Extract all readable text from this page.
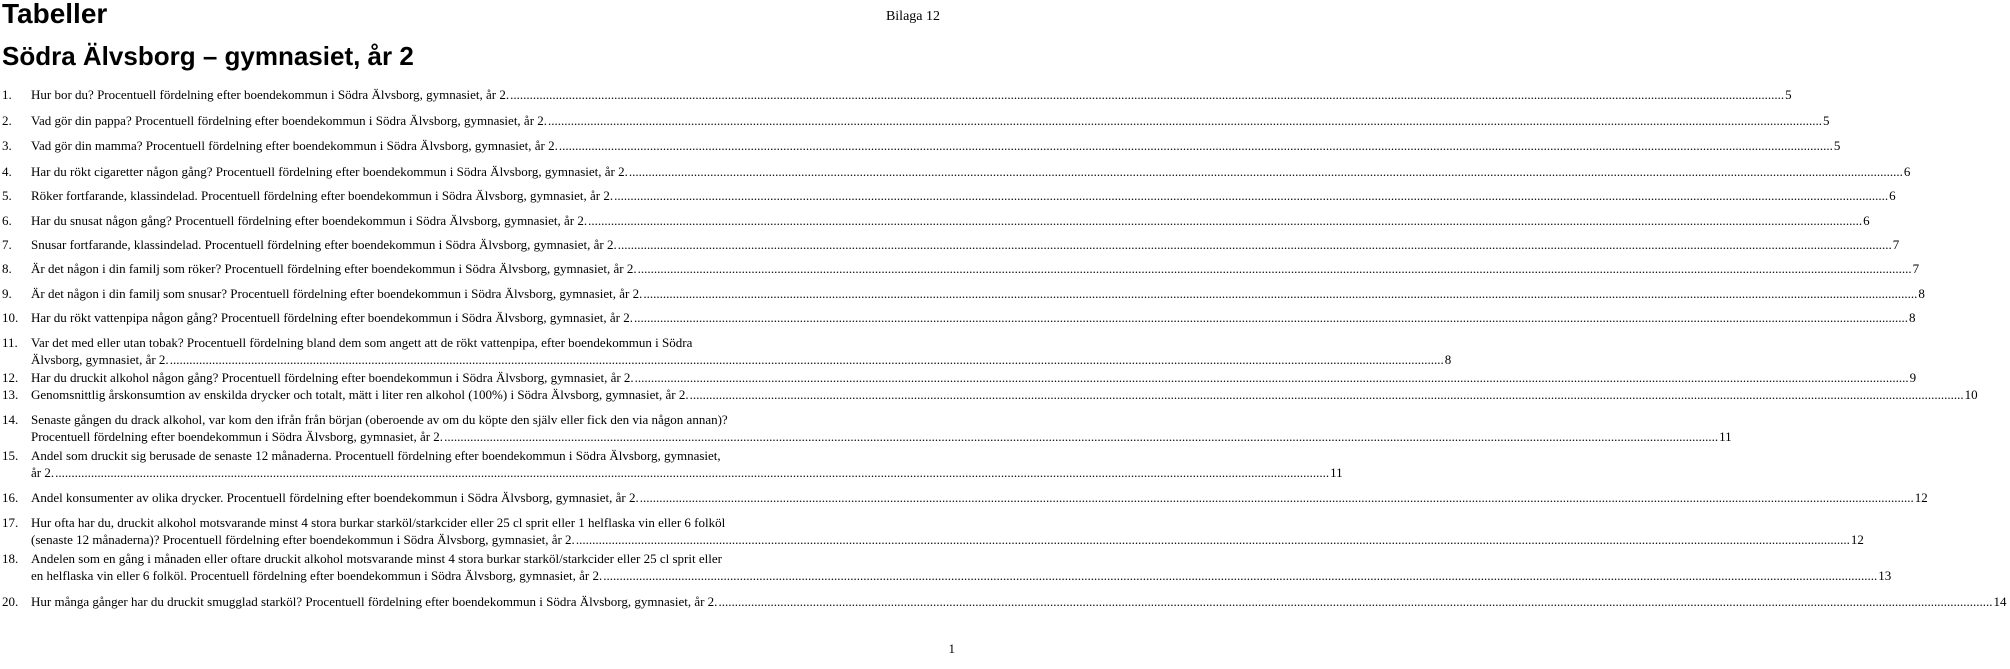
Tabeller	Bilaga 12
Södra Älvsborg – gymnasiet, år 2
1.	Hur bor du? Procentuell fördelning efter boendekommun i Södra Älvsborg, gymnasiet, år 2. .....	5
2.	Vad gör din pappa? Procentuell fördelning efter boendekommun i Södra Älvsborg, gymnasiet, år 2. .....	5
3.	Vad gör din mamma? Procentuell fördelning efter boendekommun i Södra Älvsborg, gymnasiet, år 2. .....	5
4.	Har du rökt cigaretter någon gång? Procentuell fördelning efter boendekommun i Södra Älvsborg, gymnasiet, år 2. .....	6
5.	Röker fortfarande, klassindelad. Procentuell fördelning efter boendekommun i Södra Älvsborg, gymnasiet, år 2. .....	6
6.	Har du snusat någon gång? Procentuell fördelning efter boendekommun i Södra Älvsborg, gymnasiet, år 2. .....	6
7.	Snusar fortfarande, klassindelad. Procentuell fördelning efter boendekommun i Södra Älvsborg, gymnasiet, år 2. .....	7
8.	Är det någon i din familj som röker? Procentuell fördelning efter boendekommun i Södra Älvsborg, gymnasiet, år 2. .....	7
9.	Är det någon i din familj som snusar? Procentuell fördelning efter boendekommun i Södra Älvsborg, gymnasiet, år 2. .....	8
10. Har du rökt vattenpipa någon gång? Procentuell fördelning efter boendekommun i Södra Älvsborg, gymnasiet, år 2. .....	8
11.	Var det med eller utan tobak? Procentuell fördelning bland dem som angett att de rökt vattenpipa, efter boendekommun i Södra
Älvsborg, gymnasiet, år 2. .....	8
12. Har du druckit alkohol någon gång? Procentuell fördelning efter boendekommun i Södra Älvsborg, gymnasiet, år 2. .....	9
13. Genomsnittlig årskonsumtion av enskilda drycker och totalt, mätt i liter ren alkohol (100%) i Södra Älvsborg, gymnasiet, år 2. .....	10
14. Senaste gången du drack alkohol, var kom den ifrån från början (oberoende av om du köpte den själv eller fick den via någon annan)?
Procentuell fördelning efter boendekommun i Södra Älvsborg, gymnasiet, år 2. .....	11
15. Andel som druckit sig berusade de senaste 12 månaderna. Procentuell fördelning efter boendekommun i Södra Älvsborg, gymnasiet,
år 2. .....	11
16. Andel konsumenter av olika drycker. Procentuell fördelning efter boendekommun i Södra Älvsborg, gymnasiet, år 2. .....	12
17. Hur ofta har du, druckit alkohol motsvarande minst 4 stora burkar starköl/starkcider eller 25 cl sprit eller 1 helflaska vin eller 6 folköl
(senaste 12 månaderna)? Procentuell fördelning efter boendekommun i Södra Älvsborg, gymnasiet, år 2. .....	12
18. Andelen som en gång i månaden eller oftare druckit alkohol motsvarande minst 4 stora burkar starköl/starkcider eller 25 cl sprit eller
en helflaska vin eller 6 folköl. Procentuell fördelning efter boendekommun i Södra Älvsborg, gymnasiet, år 2. .....	13
20. Hur många gånger har du druckit smugglad starköl? Procentuell fördelning efter boendekommun i Södra Älvsborg, gymnasiet, år 2. .....	14
1
